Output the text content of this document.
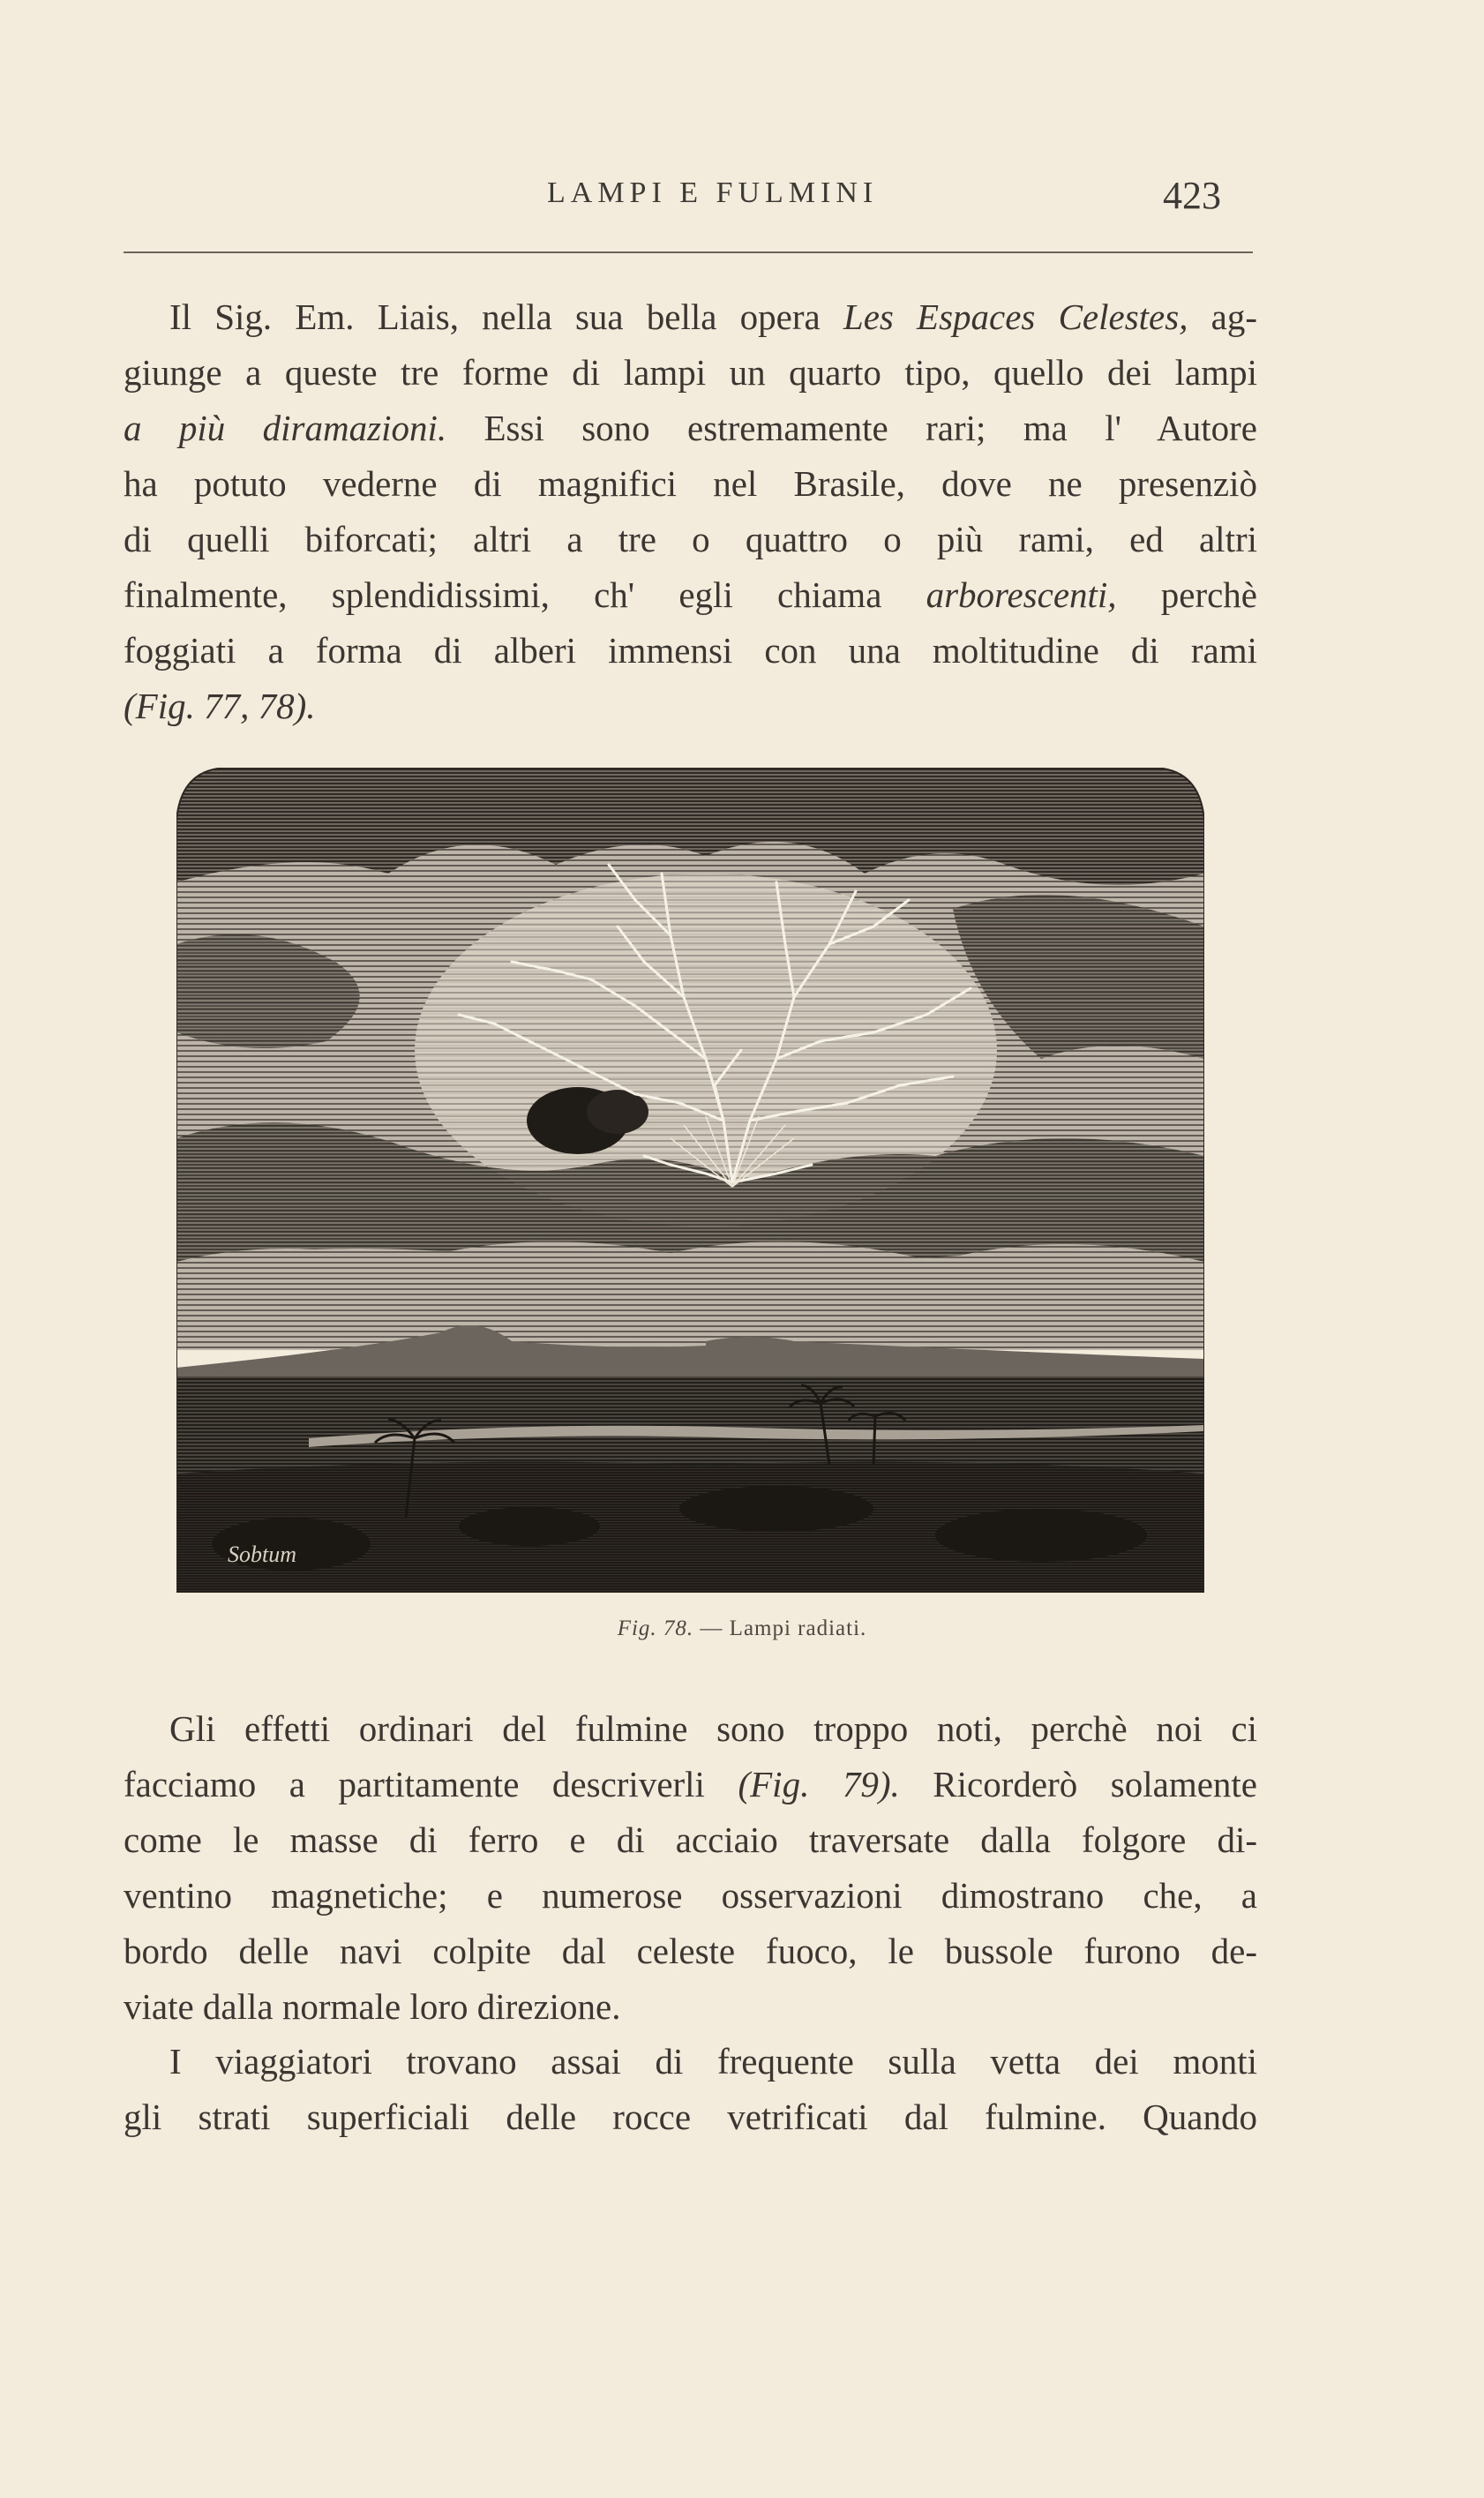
LAMPI E FULMINI	423
Il Sig. Em. Liais, nella sua bella opera Les Espaces Celestes, ag-
giunge a queste tre forme di lampi un quarto tipo, quello dei lampi
a più diramazioni. Essi sono estremamente rari; ma l' Autore
ha potuto vederne di magnifici nel Brasile, dove ne presenziò
di quelli biforcati; altri a tre o quattro o più rami, ed altri
finalmente, splendidissimi, ch' egli chiama arborescenti, perchè
foggiati a forma di alberi immensi con una moltitudine di rami
(Fig. 77, 78).
Sobtum
Fig. 78. — Lampi radiati.
Gli effetti ordinari del fulmine sono troppo noti, perchè noi ci
facciamo a partitamente descriverli (Fig. 79). Ricorderò solamente
come le masse di ferro e di acciaio traversate dalla folgore di-
ventino magnetiche; e numerose osservazioni dimostrano che, a
bordo delle navi colpite dal celeste fuoco, le bussole furono de-
viate dalla normale loro direzione.
I viaggiatori trovano assai di frequente sulla vetta dei monti
gli strati superficiali delle rocce vetrificati dal fulmine. Quando
